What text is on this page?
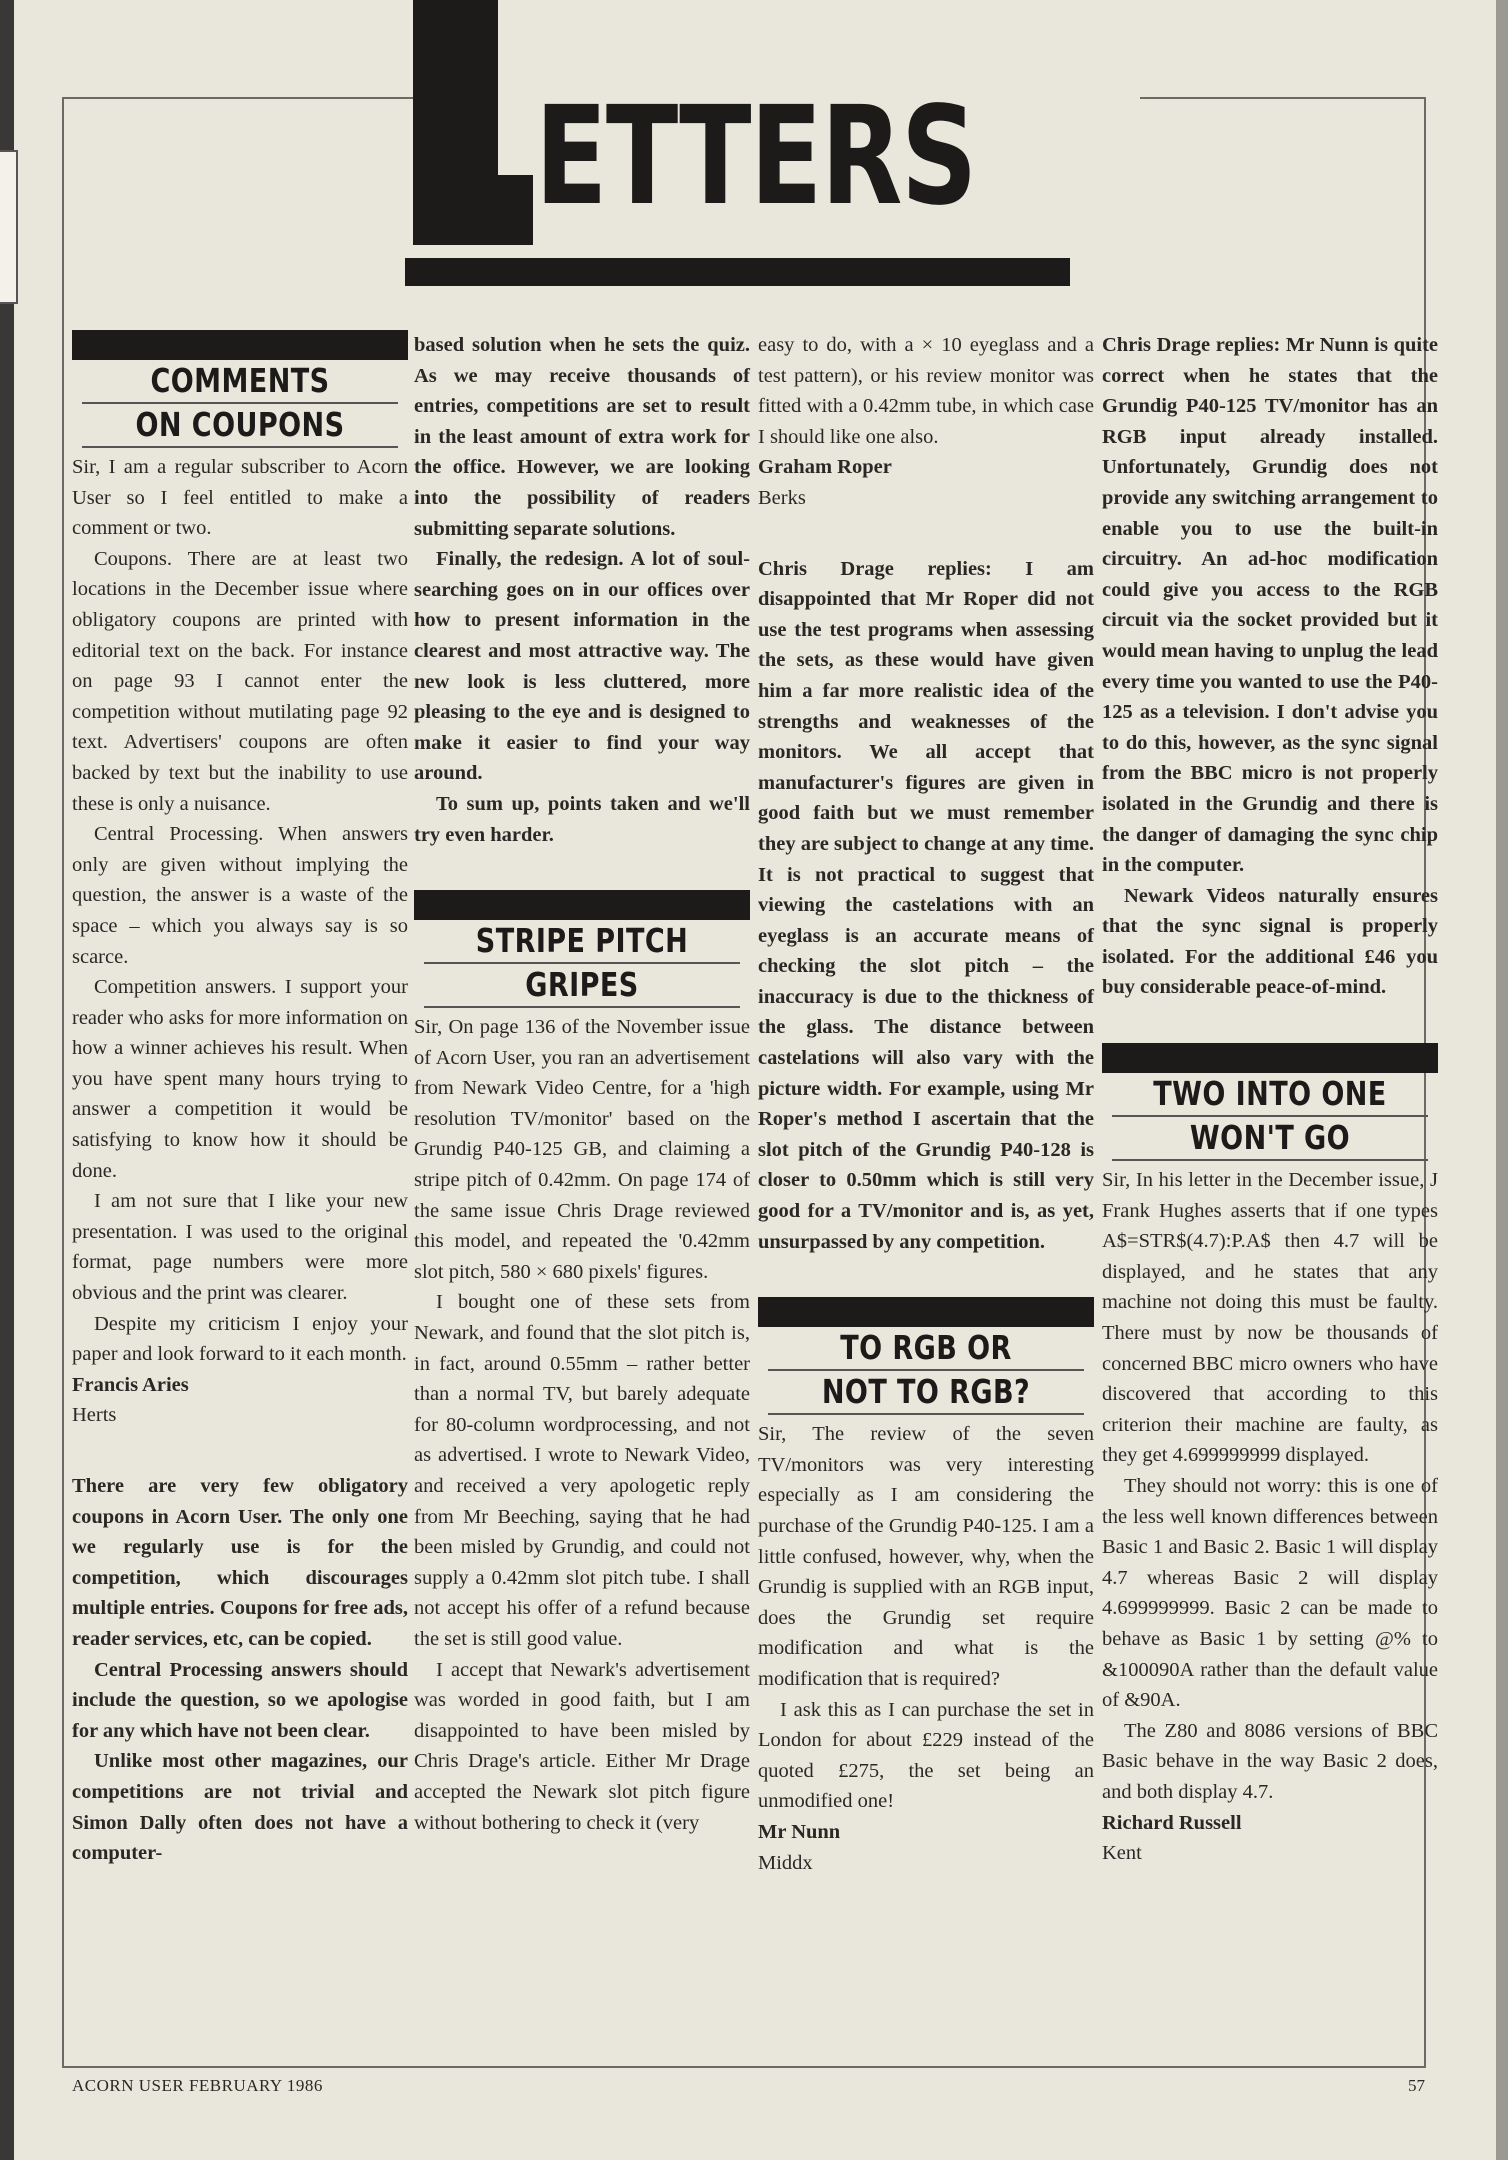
ETTERS
COMMENTS
ON COUPONS

Sir, I am a regular subscriber to Acorn User so I feel entitled to make a comment or two.

Coupons. There are at least two locations in the December issue where obligatory coupons are printed with editorial text on the back. For instance on page 93 I cannot enter the competition without mutilating page 92 text. Advertisers' coupons are often backed by text but the inability to use these is only a nuisance.

Central Processing. When answers only are given without implying the question, the answer is a waste of the space – which you always say is so scarce.

Competition answers. I support your reader who asks for more information on how a winner achieves his result. When you have spent many hours trying to answer a competition it would be satisfying to know how it should be done.

I am not sure that I like your new presentation. I was used to the original format, page numbers were more obvious and the print was clearer.

Despite my criticism I enjoy your paper and look forward to it each month.

Francis Aries

Herts

There are very few obligatory coupons in Acorn User. The only one we regularly use is for the competition, which discourages multiple entries. Coupons for free ads, reader services, etc, can be copied.

Central Processing answers should include the question, so we apologise for any which have not been clear.

Unlike most other magazines, our competitions are not trivial and Simon Dally often does not have a computer-

based solution when he sets the quiz. As we may receive thousands of entries, competitions are set to result in the least amount of extra work for the office. However, we are looking into the possibility of readers submitting separate solutions.

Finally, the redesign. A lot of soul-searching goes on in our offices over how to present information in the clearest and most attractive way. The new look is less cluttered, more pleasing to the eye and is designed to make it easier to find your way around.

To sum up, points taken and we'll try even harder.

STRIPE PITCH
GRIPES

Sir, On page 136 of the November issue of Acorn User, you ran an advertisement from Newark Video Centre, for a 'high resolution TV/monitor' based on the Grundig P40-125 GB, and claiming a stripe pitch of 0.42mm. On page 174 of the same issue Chris Drage reviewed this model, and repeated the '0.42mm slot pitch, 580 × 680 pixels' figures.

I bought one of these sets from Newark, and found that the slot pitch is, in fact, around 0.55mm – rather better than a normal TV, but barely adequate for 80-column wordprocessing, and not as advertised. I wrote to Newark Video, and received a very apologetic reply from Mr Beeching, saying that he had been misled by Grundig, and could not supply a 0.42mm slot pitch tube. I shall not accept his offer of a refund because the set is still good value.

I accept that Newark's advertisement was worded in good faith, but I am disappointed to have been misled by Chris Drage's article. Either Mr Drage accepted the Newark slot pitch figure without bothering to check it (very

easy to do, with a × 10 eyeglass and a test pattern), or his review monitor was fitted with a 0.42mm tube, in which case I should like one also.

Graham Roper

Berks

Chris Drage replies: I am disappointed that Mr Roper did not use the test programs when assessing the sets, as these would have given him a far more realistic idea of the strengths and weaknesses of the monitors. We all accept that manufacturer's figures are given in good faith but we must remember they are subject to change at any time. It is not practical to suggest that viewing the castelations with an eyeglass is an accurate means of checking the slot pitch – the inaccuracy is due to the thickness of the glass. The distance between castelations will also vary with the picture width. For example, using Mr Roper's method I ascertain that the slot pitch of the Grundig P40-128 is closer to 0.50mm which is still very good for a TV/monitor and is, as yet, unsurpassed by any competition.

TO RGB OR
NOT TO RGB?

Sir, The review of the seven TV/monitors was very interesting especially as I am considering the purchase of the Grundig P40-125. I am a little confused, however, why, when the Grundig is supplied with an RGB input, does the Grundig set require modification and what is the modification that is required?

I ask this as I can purchase the set in London for about £229 instead of the quoted £275, the set being an unmodified one!

Mr Nunn

Middx

Chris Drage replies: Mr Nunn is quite correct when he states that the Grundig P40-125 TV/monitor has an RGB input already installed. Unfortunately, Grundig does not provide any switching arrangement to enable you to use the built-in circuitry. An ad-hoc modification could give you access to the RGB circuit via the socket provided but it would mean having to unplug the lead every time you wanted to use the P40-125 as a television. I don't advise you to do this, however, as the sync signal from the BBC micro is not properly isolated in the Grundig and there is the danger of damaging the sync chip in the computer.

Newark Videos naturally ensures that the sync signal is properly isolated. For the additional £46 you buy considerable peace-of-mind.

TWO INTO ONE
WON'T GO

Sir, In his letter in the December issue, J Frank Hughes asserts that if one types A$=STR$(4.7):P.A$ then 4.7 will be displayed, and he states that any machine not doing this must be faulty. There must by now be thousands of concerned BBC micro owners who have discovered that according to this criterion their machine are faulty, as they get 4.699999999 displayed.

They should not worry: this is one of the less well known differences between Basic 1 and Basic 2. Basic 1 will display 4.7 whereas Basic 2 will display 4.699999999. Basic 2 can be made to behave as Basic 1 by setting @% to &100090A rather than the default value of &90A.

The Z80 and 8086 versions of BBC Basic behave in the way Basic 2 does, and both display 4.7.

Richard Russell

Kent

ACORN USER FEBRUARY 1986	57
